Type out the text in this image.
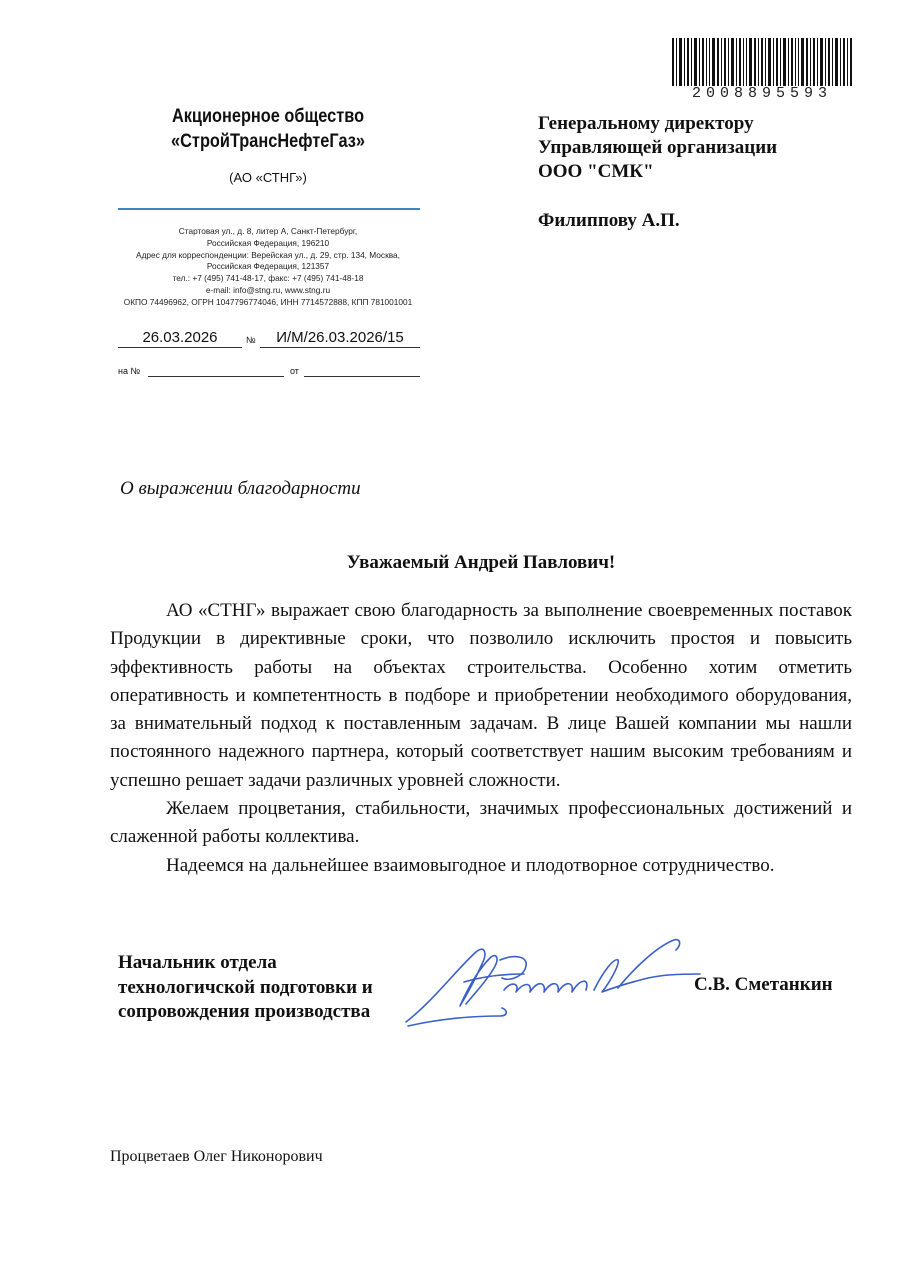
2008895593
Акционерное общество
«СтройТрансНефтеГаз»
(АО «СТНГ»)
Стартовая ул., д. 8, литер А, Санкт-Петербург,
Российская Федерация, 196210
Адрес для корреспонденции: Верейская ул., д. 29, стр. 134, Москва,
Российская Федерация, 121357
тел.: +7 (495) 741-48-17, факс: +7 (495) 741-48-18
e-mail: info@stng.ru, www.stng.ru
ОКПО 74496962, ОГРН 1047796774046, ИНН 7714572888, КПП 781001001
26.03.2026	№	И/М/26.03.2026/15
на №	от
Генеральному директору
Управляющей организации
ООО "СМК"
Филиппову А.П.
О выражении благодарности
Уважаемый Андрей Павлович!

АО «СТНГ» выражает свою благодарность за выполнение своевременных поставок Продукции в директивные сроки, что позволило исключить простоя и повысить эффективность работы на объектах строительства. Особенно хотим отметить оперативность и компетентность в подборе и приобретении необходимого оборудования, за внимательный подход к поставленным задачам. В лице Вашей компании мы нашли постоянного надежного партнера, который соответствует нашим высоким требованиям и успешно решает задачи различных уровней сложности.

Желаем процветания, стабильности, значимых профессиональных достижений и слаженной работы коллектива.

Надеемся на дальнейшее взаимовыгодное и плодотворное сотрудничество.

Начальник отдела
технологичской подготовки и
сопровождения производства
С.В. Сметанкин
Процветаев Олег Никонорович
